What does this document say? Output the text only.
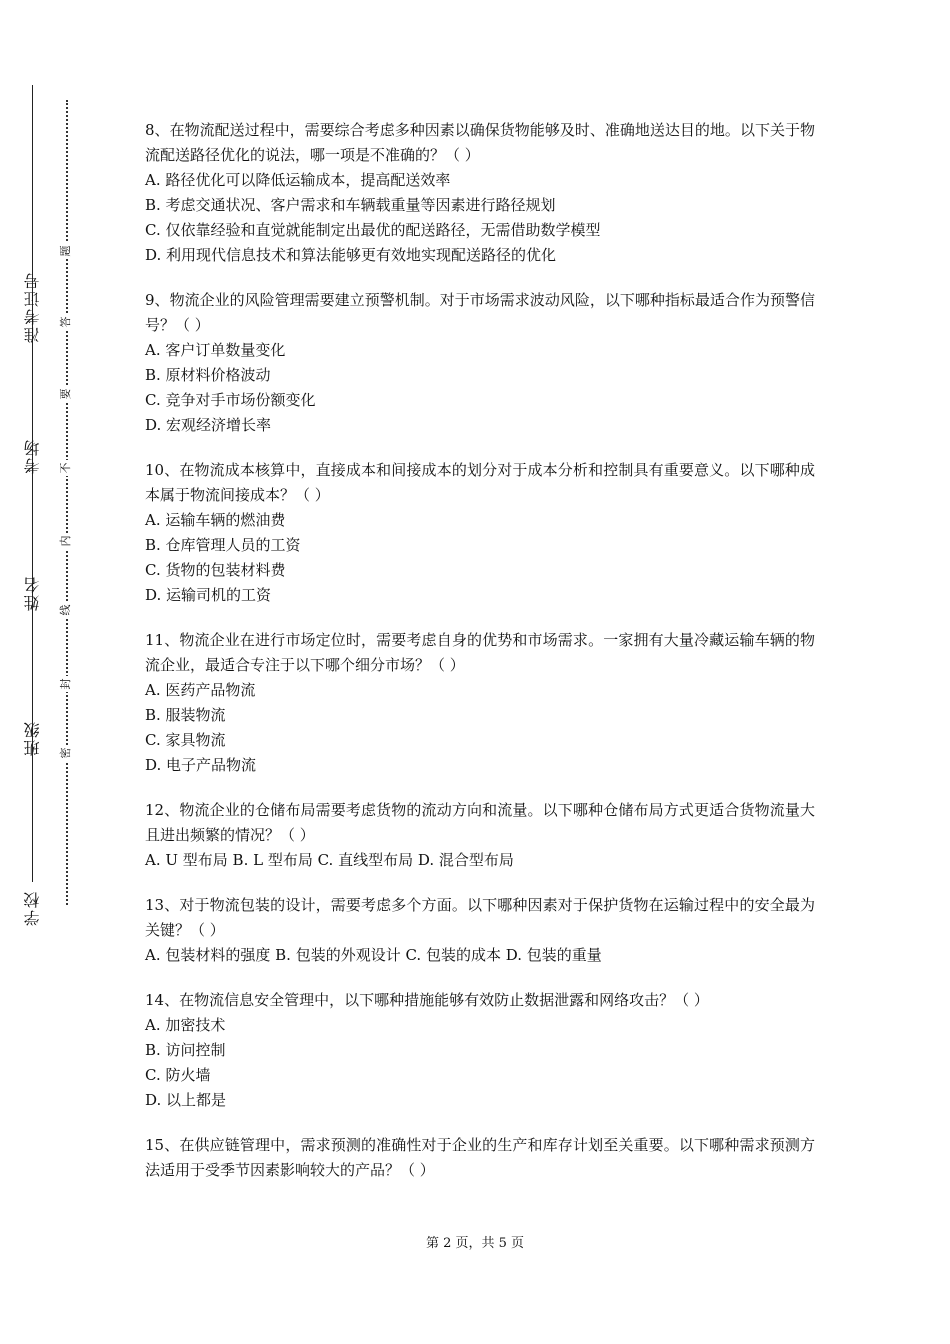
准考证号
考场
姓名
班级
学校
密
封
线
内
不
要
答
题

8、在物流配送过程中，需要综合考虑多种因素以确保货物能够及时、准确地送达目的地。以下关于物流配送路径优化的说法，哪一项是不准确的？（ ）

A. 路径优化可以降低运输成本，提高配送效率

B. 考虑交通状况、客户需求和车辆载重量等因素进行路径规划

C. 仅依靠经验和直觉就能制定出最优的配送路径，无需借助数学模型

D. 利用现代信息技术和算法能够更有效地实现配送路径的优化

9、物流企业的风险管理需要建立预警机制。对于市场需求波动风险，以下哪种指标最适合作为预警信号？（ ）

A. 客户订单数量变化

B. 原材料价格波动

C. 竞争对手市场份额变化

D. 宏观经济增长率

10、在物流成本核算中，直接成本和间接成本的划分对于成本分析和控制具有重要意义。以下哪种成本属于物流间接成本？（ ）

A. 运输车辆的燃油费

B. 仓库管理人员的工资

C. 货物的包装材料费

D. 运输司机的工资

11、物流企业在进行市场定位时，需要考虑自身的优势和市场需求。一家拥有大量冷藏运输车辆的物流企业，最适合专注于以下哪个细分市场？（ ）

A. 医药产品物流

B. 服装物流

C. 家具物流

D. 电子产品物流

12、物流企业的仓储布局需要考虑货物的流动方向和流量。以下哪种仓储布局方式更适合货物流量大且进出频繁的情况？（ ）

A. U 型布局 B. L 型布局 C. 直线型布局 D. 混合型布局

13、对于物流包装的设计，需要考虑多个方面。以下哪种因素对于保护货物在运输过程中的安全最为关键？（ ）

A. 包装材料的强度 B. 包装的外观设计 C. 包装的成本 D. 包装的重量

14、在物流信息安全管理中，以下哪种措施能够有效防止数据泄露和网络攻击？（ ）

A. 加密技术

B. 访问控制

C. 防火墙

D. 以上都是

15、在供应链管理中，需求预测的准确性对于企业的生产和库存计划至关重要。以下哪种需求预测方法适用于受季节因素影响较大的产品？（ ）

第 2 页，共 5 页
